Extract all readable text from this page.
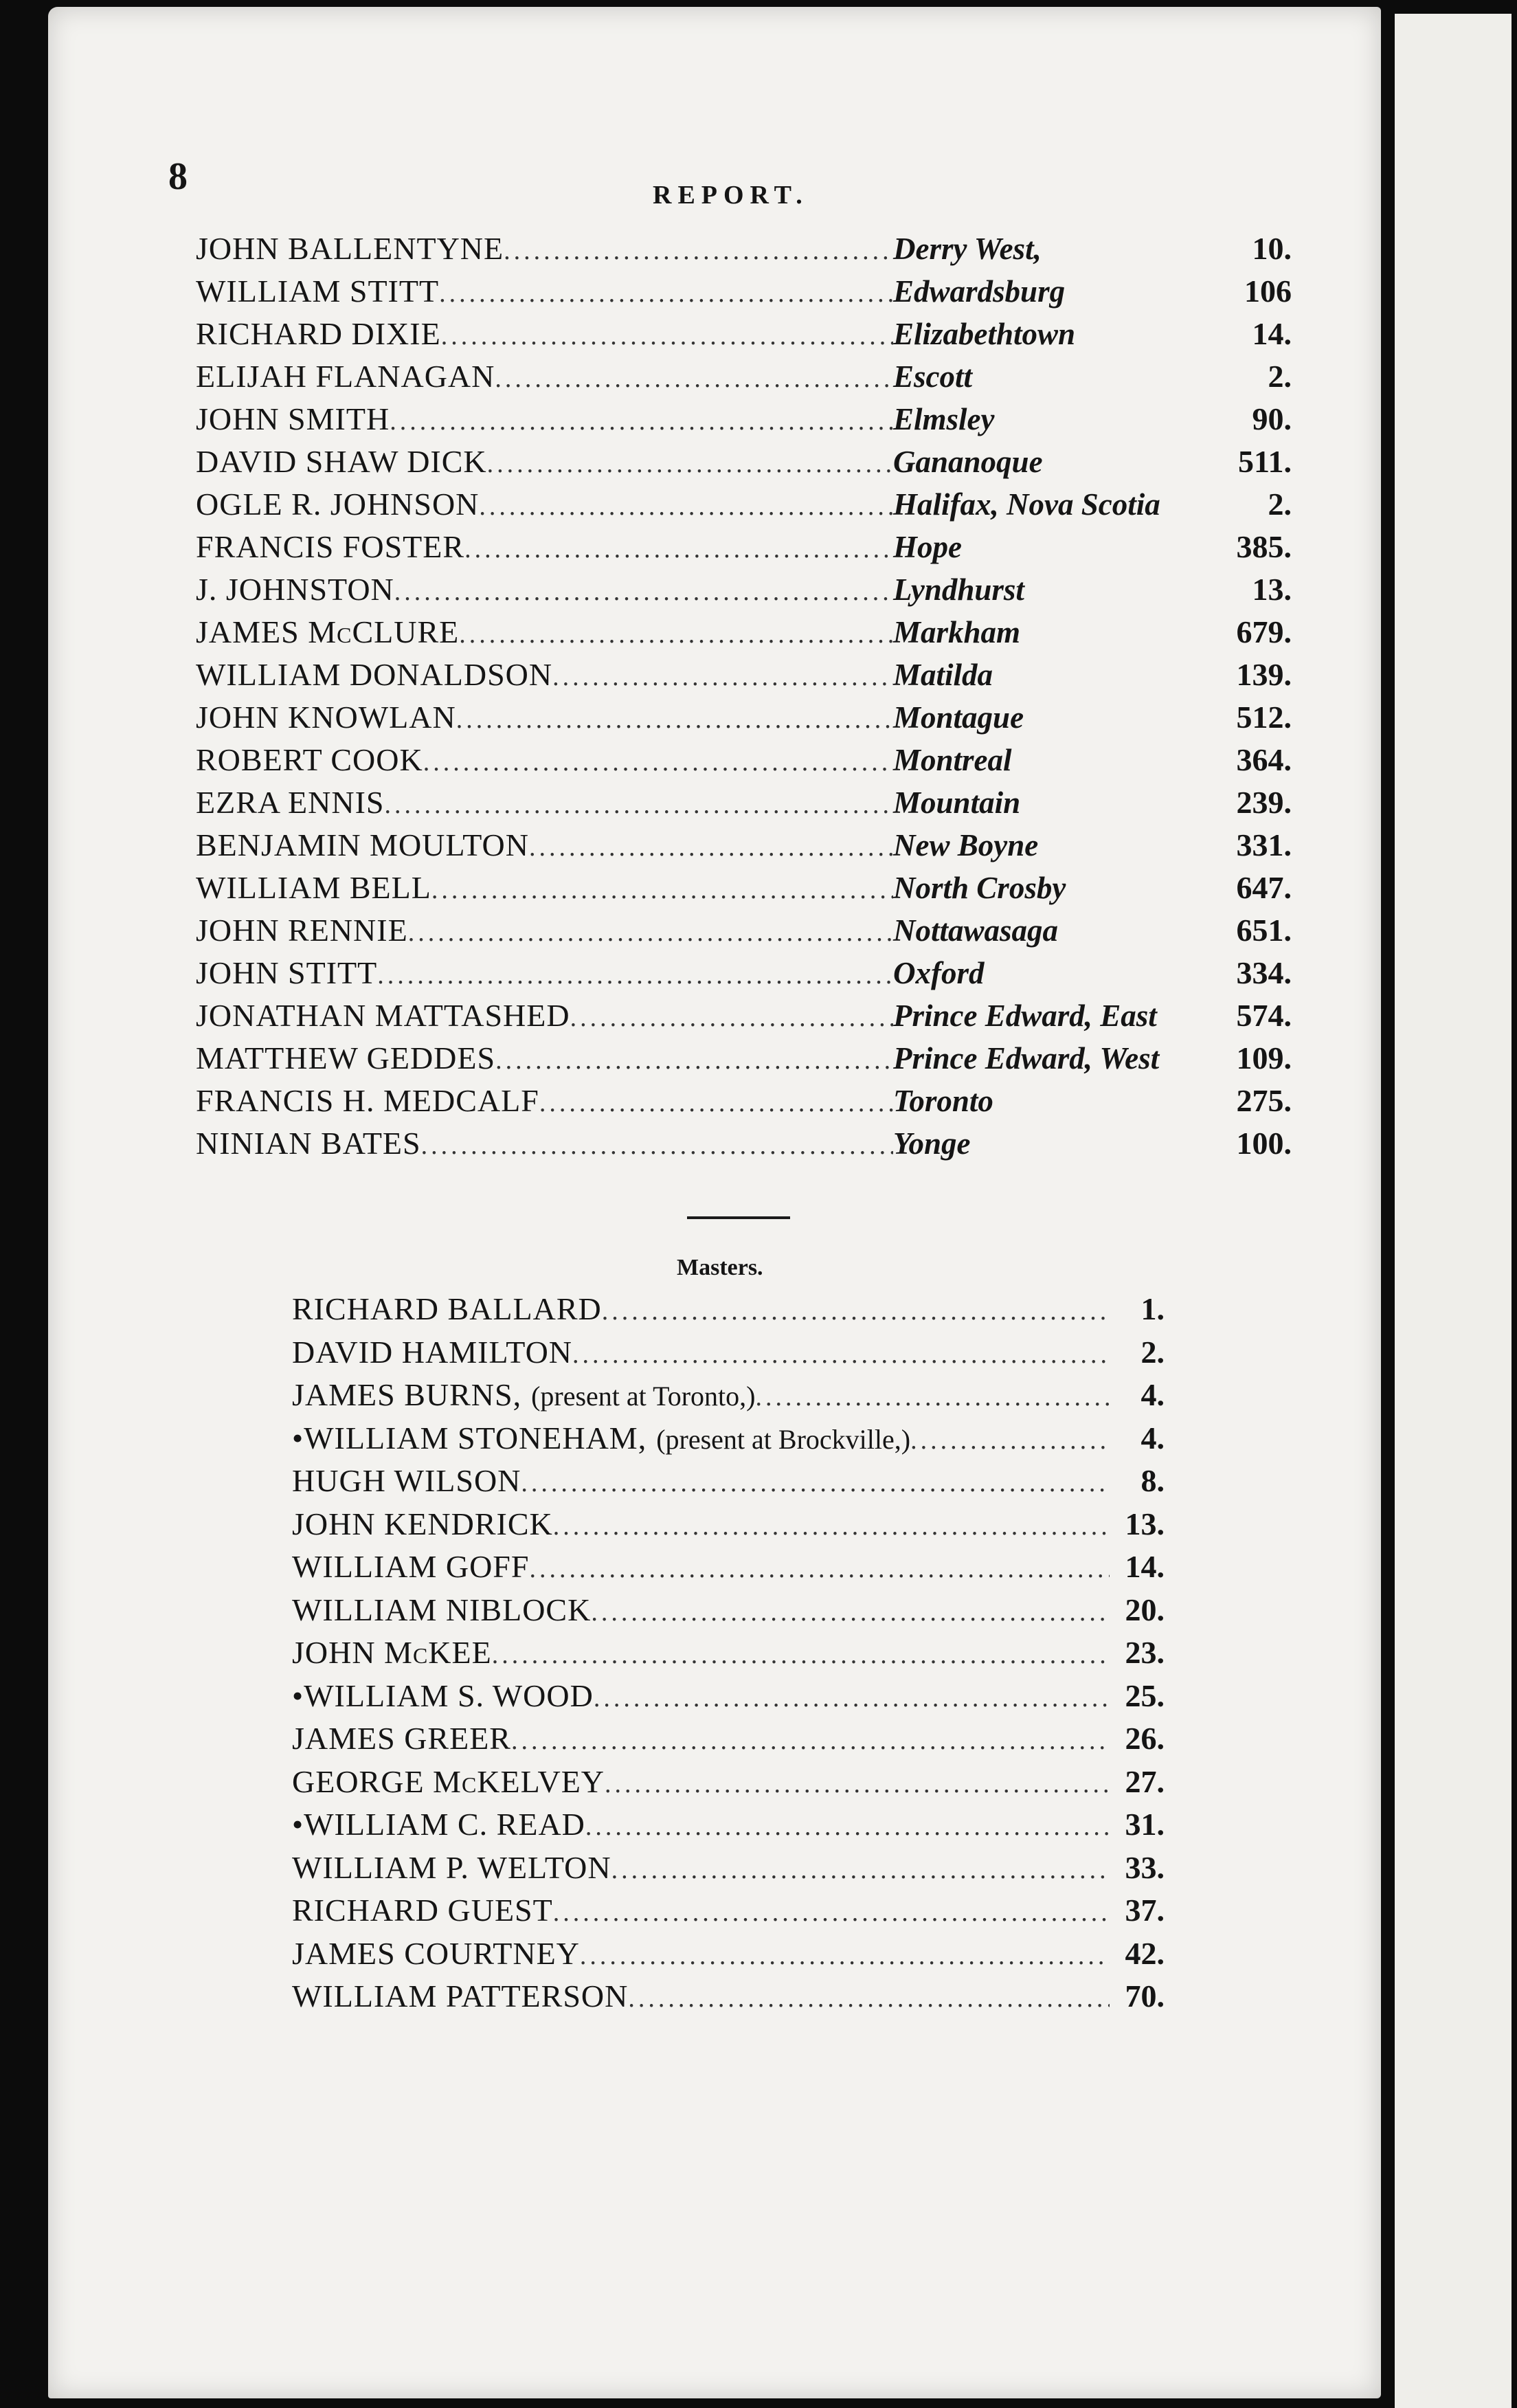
8	REPORT.
JOHN BALLENTYNE .....	Derry West,	10.
WILLIAM STITT .....	Edwardsburg	106
RICHARD DIXIE .....	Elizabethtown	14.
ELIJAH FLANAGAN .....	Escott	2.
JOHN SMITH .....	Elmsley	90.
DAVID SHAW DICK .....	Gananoque	511.
OGLE R. JOHNSON .....	Halifax, Nova Scotia	2.
FRANCIS FOSTER .....	Hope	385.
J. JOHNSTON .....	Lyndhurst	13.
JAMES McCLURE .....	Markham	679.
WILLIAM DONALDSON .....	Matilda	139.
JOHN KNOWLAN .....	Montague	512.
ROBERT COOK .....	Montreal	364.
EZRA ENNIS .....	Mountain	239.
BENJAMIN MOULTON .....	New Boyne	331.
WILLIAM BELL .....	North Crosby	647.
JOHN RENNIE .....	Nottawasaga	651.
JOHN STITT .....	Oxford	334.
JONATHAN MATTASHED .....	Prince Edward, East	574.
MATTHEW GEDDES .....	Prince Edward, West	109.
FRANCIS H. MEDCALF .....	Toronto	275.
NINIAN BATES .....	Yonge	100.
Masters.
RICHARD BALLARD .....	1.
DAVID HAMILTON .....	2.
JAMES BURNS, (present at Toronto,) .....	4.
•WILLIAM STONEHAM, (present at Brockville,) .....	4.
HUGH WILSON .....	8.
JOHN KENDRICK .....	13.
WILLIAM GOFF .....	14.
WILLIAM NIBLOCK .....	20.
JOHN McKEE .....	23.
•WILLIAM S. WOOD .....	25.
JAMES GREER .....	26.
GEORGE McKELVEY .....	27.
•WILLIAM C. READ .....	31.
WILLIAM P. WELTON .....	33.
RICHARD GUEST .....	37.
JAMES COURTNEY .....	42.
WILLIAM PATTERSON .....	70.
